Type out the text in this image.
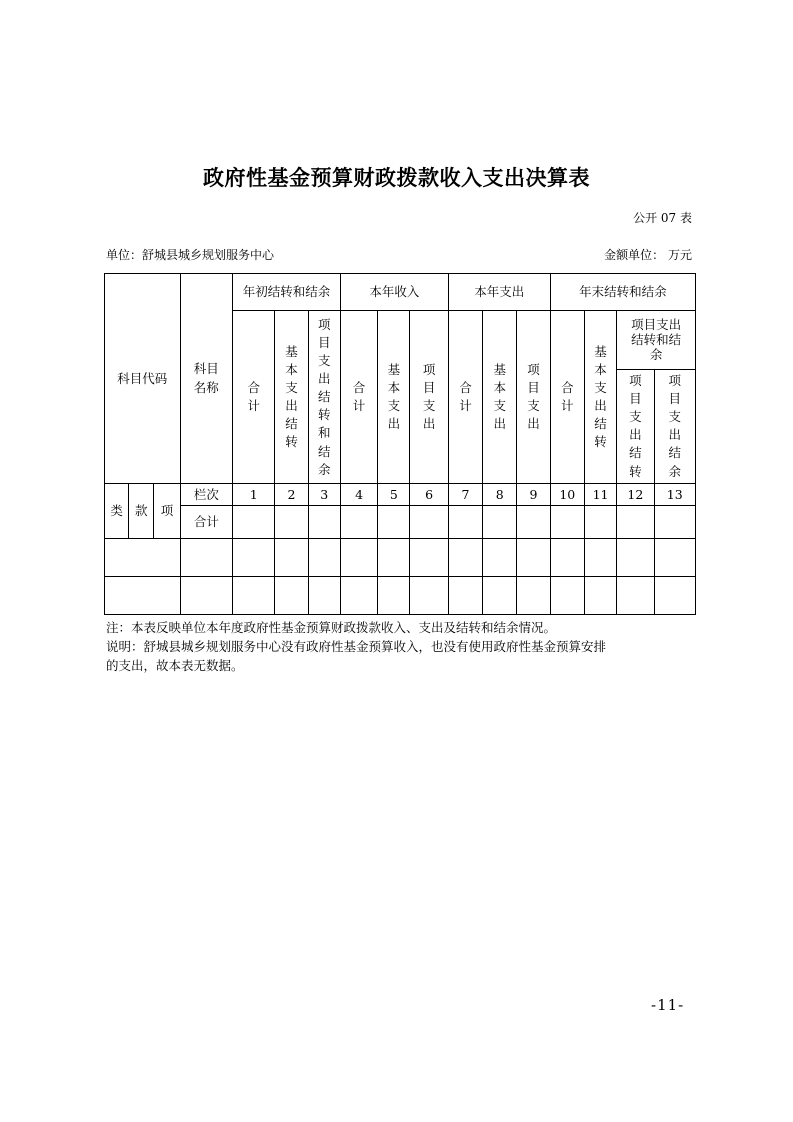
政府性基金预算财政拨款收入支出决算表
公开 07 表
单位：舒城县城乡规划服务中心	金额单位： 万元
科目代码			科目名称	年初结转和结余			本年收入			本年支出			年末结转和结余			
				合计	基本支出结转	项目支出结转和结余	合计	基本支出	项目支出	合计	基本支出	项目支出	合计	基本支出结转	项目支出结转和结余	
															项目支出结转	项目支出结余
类	款	项	栏次	1	2	3	4	5	6	7	8	9	10	11	12	13
			合计													

注：本表反映单位本年度政府性基金预算财政拨款收入、支出及结转和结余情况。
说明：舒城县城乡规划服务中心没有政府性基金预算收入，也没有使用政府性基金预算安排
的支出，故本表无数据。
-11-
